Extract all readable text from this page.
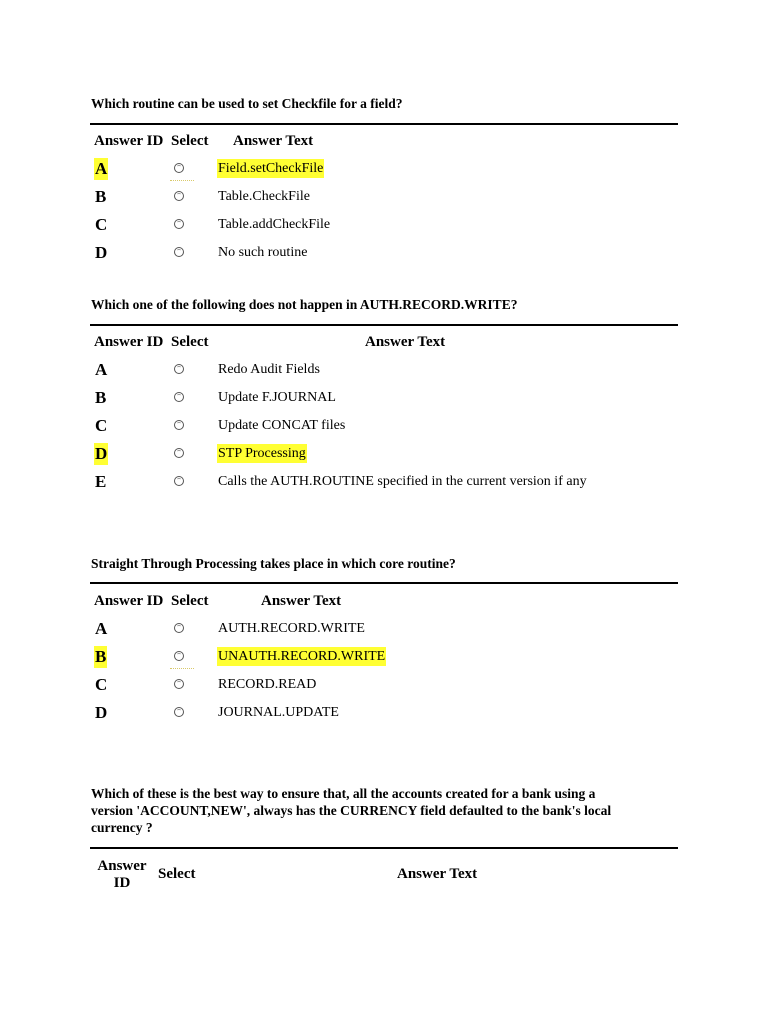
Which routine can be used to set Checkfile for a field?
Answer ID Select Answer Text
A	Field.setCheckFile
B	Table.CheckFile
C	Table.addCheckFile
D	No such routine
Which one of the following does not happen in AUTH.RECORD.WRITE?
Answer ID Select	Answer Text
A	Redo Audit Fields
B	Update F.JOURNAL
C	Update CONCAT files
D	STP Processing
E	Calls the AUTH.ROUTINE specified in the current version if any
Straight Through Processing takes place in which core routine?
Answer ID Select	Answer Text
A	AUTH.RECORD.WRITE
B	UNAUTH.RECORD.WRITE
C	RECORD.READ
D	JOURNAL.UPDATE
Which of these is the best way to ensure that, all the accounts created for a bank using a
version 'ACCOUNT,NEW', always has the CURRENCY field defaulted to the bank's local
currency ?
Answer
ID
Select	Answer Text
